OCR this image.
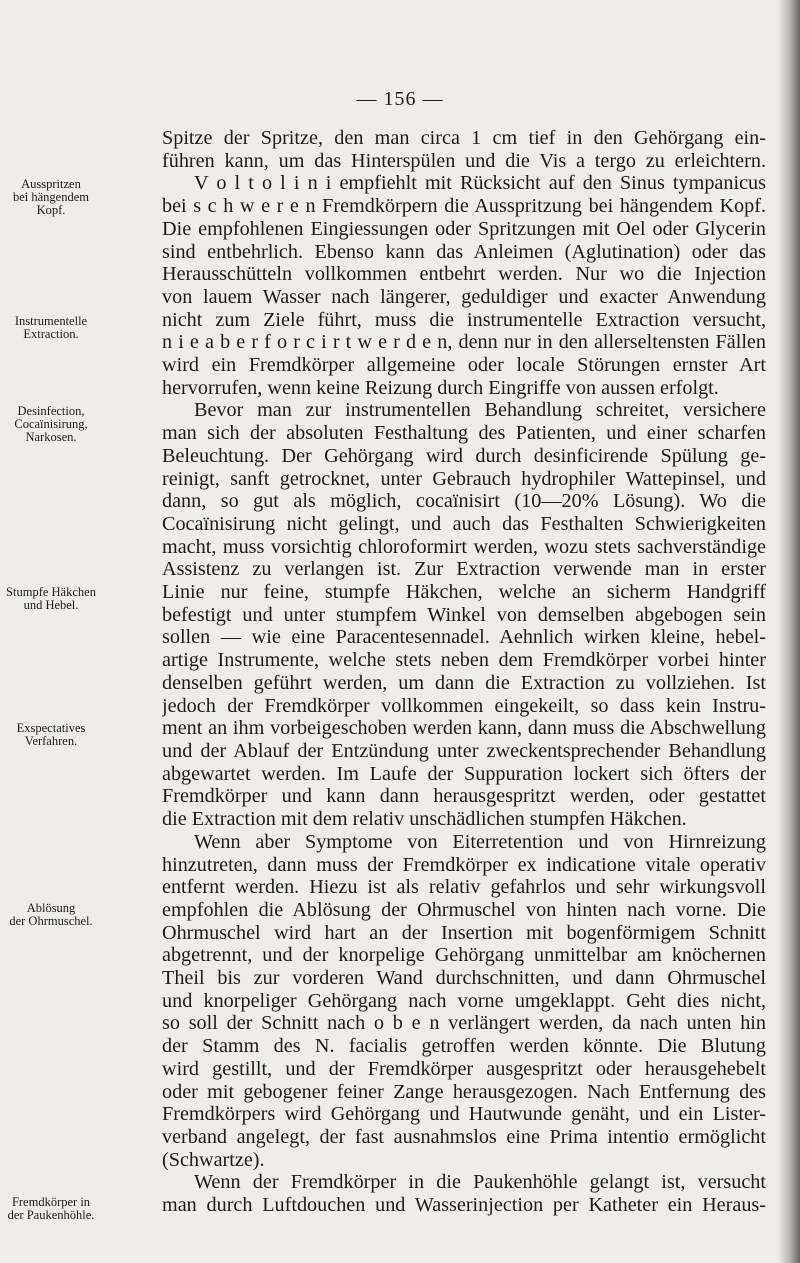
— 156 —
Spitze der Spritze, den man circa 1 cm tief in den Gehörgang ein-
führen kann, um das Hinterspülen und die Vis a tergo zu erleichtern.
V o l t o l i n i empfiehlt mit Rücksicht auf den Sinus tympanicus
bei s c h w e r e n Fremdkörpern die Ausspritzung bei hängendem Kopf.
Die empfohlenen Eingiessungen oder Spritzungen mit Oel oder Glycerin
sind entbehrlich. Ebenso kann das Anleimen (Aglutination) oder das
Herausschütteln vollkommen entbehrt werden. Nur wo die Injection
von lauem Wasser nach längerer, geduldiger und exacter Anwendung
nicht zum Ziele führt, muss die instrumentelle Extraction versucht,
n i e a b e r f o r c i r t w e r d e n, denn nur in den allerseltensten Fällen
wird ein Fremdkörper allgemeine oder locale Störungen ernster Art
hervorrufen, wenn keine Reizung durch Eingriffe von aussen erfolgt.
Bevor man zur instrumentellen Behandlung schreitet, versichere
man sich der absoluten Festhaltung des Patienten, und einer scharfen
Beleuchtung. Der Gehörgang wird durch desinficirende Spülung ge-
reinigt, sanft getrocknet, unter Gebrauch hydrophiler Wattepinsel, und
dann, so gut als möglich, cocaïnisirt (10—20% Lösung). Wo die
Cocaïnisirung nicht gelingt, und auch das Festhalten Schwierigkeiten
macht, muss vorsichtig chloroformirt werden, wozu stets sachverständige
Assistenz zu verlangen ist. Zur Extraction verwende man in erster
Linie nur feine, stumpfe Häkchen, welche an sicherm Handgriff
befestigt und unter stumpfem Winkel von demselben abgebogen sein
sollen — wie eine Paracentesennadel. Aehnlich wirken kleine, hebel-
artige Instrumente, welche stets neben dem Fremdkörper vorbei hinter
denselben geführt werden, um dann die Extraction zu vollziehen. Ist
jedoch der Fremdkörper vollkommen eingekeilt, so dass kein Instru-
ment an ihm vorbeigeschoben werden kann, dann muss die Abschwellung
und der Ablauf der Entzündung unter zweckentsprechender Behandlung
abgewartet werden. Im Laufe der Suppuration lockert sich öfters der
Fremdkörper und kann dann herausgespritzt werden, oder gestattet
die Extraction mit dem relativ unschädlichen stumpfen Häkchen.
Wenn aber Symptome von Eiterretention und von Hirnreizung
hinzutreten, dann muss der Fremdkörper ex indicatione vitale operativ
entfernt werden. Hiezu ist als relativ gefahrlos und sehr wirkungsvoll
empfohlen die Ablösung der Ohrmuschel von hinten nach vorne. Die
Ohrmuschel wird hart an der Insertion mit bogenförmigem Schnitt
abgetrennt, und der knorpelige Gehörgang unmittelbar am knöchernen
Theil bis zur vorderen Wand durchschnitten, und dann Ohrmuschel
und knorpeliger Gehörgang nach vorne umgeklappt. Geht dies nicht,
so soll der Schnitt nach o b e n verlängert werden, da nach unten hin
der Stamm des N. facialis getroffen werden könnte. Die Blutung
wird gestillt, und der Fremdkörper ausgespritzt oder herausgehebelt
oder mit gebogener feiner Zange herausgezogen. Nach Entfernung des
Fremdkörpers wird Gehörgang und Hautwunde genäht, und ein Lister-
verband angelegt, der fast ausnahmslos eine Prima intentio ermöglicht
(Schwartze).
Wenn der Fremdkörper in die Paukenhöhle gelangt ist, versucht
man durch Luftdouchen und Wasserinjection per Katheter ein Heraus-
Ausspritzen
bei hängendem
Kopf.
Instrumentelle
Extraction.
Desinfection,
Cocaïnisirung,
Narkosen.
Stumpfe Häkchen
und Hebel.
Exspectatives
Verfahren.
Ablösung
der Ohrmuschel.
Fremdkörper in
der Paukenhöhle.
